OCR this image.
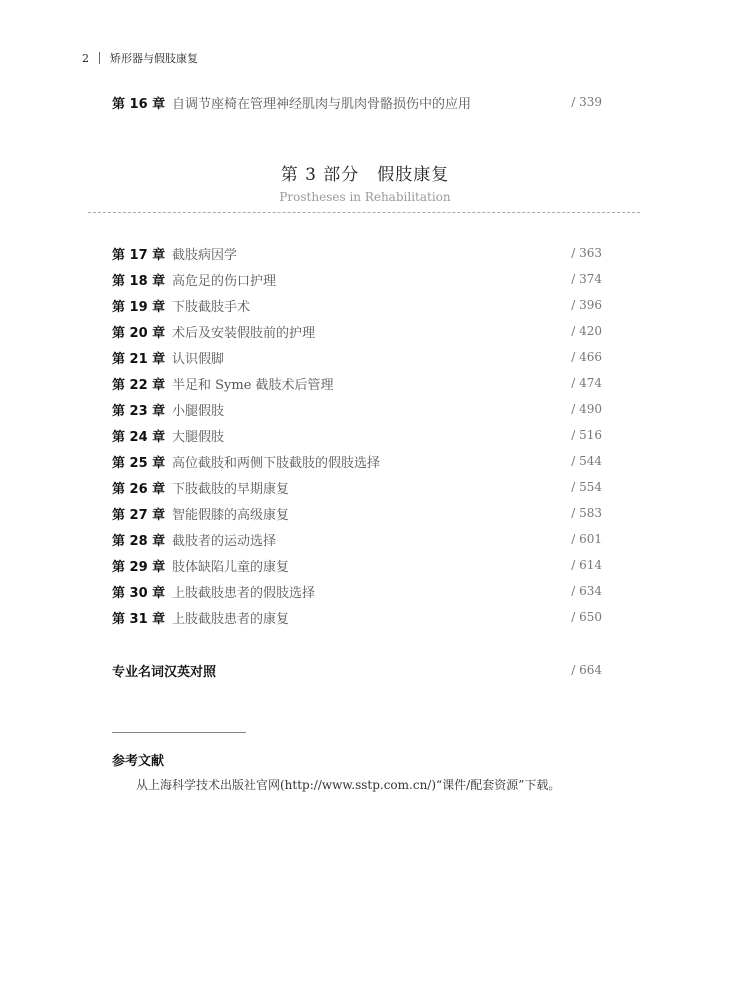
2 矫形器与假肢康复
第 16 章 自调节座椅在管理神经肌肉与肌肉骨骼损伤中的应用	/ 339
第 3 部分　假肢康复
Prostheses in Rehabilitation
第 17 章 截肢病因学	/ 363
第 18 章 高危足的伤口护理	/ 374
第 19 章 下肢截肢手术	/ 396
第 20 章 术后及安装假肢前的护理	/ 420
第 21 章 认识假脚	/ 466
第 22 章 半足和 Syme 截肢术后管理	/ 474
第 23 章 小腿假肢	/ 490
第 24 章 大腿假肢	/ 516
第 25 章 高位截肢和两侧下肢截肢的假肢选择	/ 544
第 26 章 下肢截肢的早期康复	/ 554
第 27 章 智能假膝的高级康复	/ 583
第 28 章 截肢者的运动选择	/ 601
第 29 章 肢体缺陷儿童的康复	/ 614
第 30 章 上肢截肢患者的假肢选择	/ 634
第 31 章 上肢截肢患者的康复	/ 650
专业名词汉英对照	/ 664
参考文献
从上海科学技术出版社官网(http://www.sstp.com.cn/)“课件/配套资源”下载。
